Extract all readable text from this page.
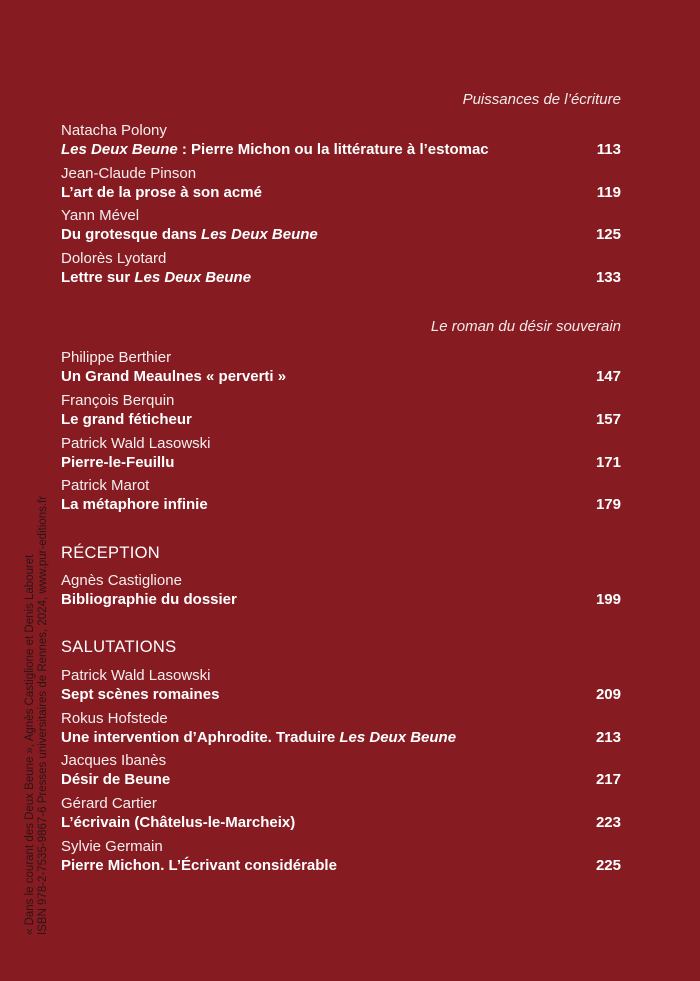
Puissances de l’écriture
Natacha Polony
Les Deux Beune : Pierre Michon ou la littérature à l’estomac	113
Jean-Claude Pinson
L’art de la prose à son acmé	119
Yann Mével
Du grotesque dans Les Deux Beune	125
Dolorès Lyotard
Lettre sur Les Deux Beune	133
Le roman du désir souverain
Philippe Berthier
Un Grand Meaulnes « perverti »	147
François Berquin
Le grand féticheur	157
Patrick Wald Lasowski
Pierre-le-Feuillu	171
Patrick Marot
La métaphore infinie	179
RÉCEPTION
Agnès Castiglione
Bibliographie du dossier	199
SALUTATIONS
Patrick Wald Lasowski
Sept scènes romaines	209
Rokus Hofstede
Une intervention d’Aphrodite. Traduire Les Deux Beune	213
Jacques Ibanès
Désir de Beune	217
Gérard Cartier
L’écrivain (Châtelus-le-Marcheix)	223
Sylvie Germain
Pierre Michon. L’Écrivant considérable	225
« Dans le courant des Deux Beune », Agnès Castiglione et Denis Labouret ISBN 978-2-7535-9867-6 Presses universitaires de Rennes, 2024, www.pur-editions.fr
